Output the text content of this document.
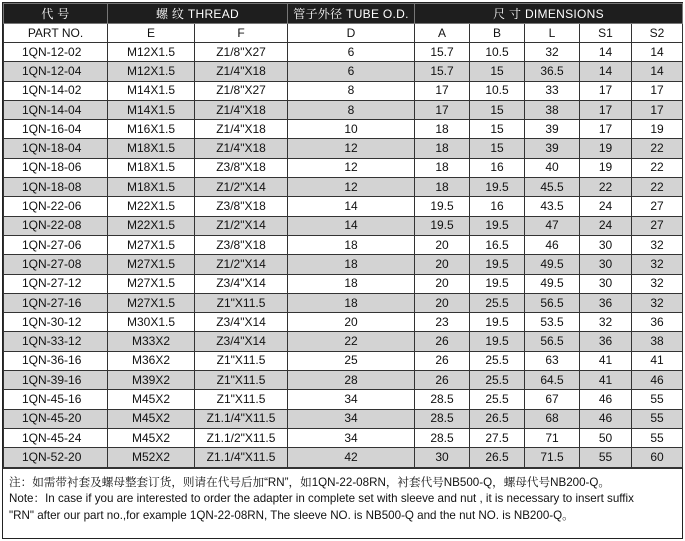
代 号	螺 纹 THREAD		管子外径 TUBE O.D.	尺 寸 DIMENSIONS				
PART NO.	E	F	D	A	B	L	S1	S2
1QN-12-02	M12X1.5	Z1/8"X27	6	15.7	10.5	32	14	14
1QN-12-04	M12X1.5	Z1/4"X18	6	15.7	15	36.5	14	14
1QN-14-02	M14X1.5	Z1/8"X27	8	17	10.5	33	17	17
1QN-14-04	M14X1.5	Z1/4"X18	8	17	15	38	17	17
1QN-16-04	M16X1.5	Z1/4"X18	10	18	15	39	17	19
1QN-18-04	M18X1.5	Z1/4"X18	12	18	15	39	19	22
1QN-18-06	M18X1.5	Z3/8"X18	12	18	16	40	19	22
1QN-18-08	M18X1.5	Z1/2"X14	12	18	19.5	45.5	22	22
1QN-22-06	M22X1.5	Z3/8"X18	14	19.5	16	43.5	24	27
1QN-22-08	M22X1.5	Z1/2"X14	14	19.5	19.5	47	24	27
1QN-27-06	M27X1.5	Z3/8"X18	18	20	16.5	46	30	32
1QN-27-08	M27X1.5	Z1/2"X14	18	20	19.5	49.5	30	32
1QN-27-12	M27X1.5	Z3/4"X14	18	20	19.5	49.5	30	32
1QN-27-16	M27X1.5	Z1"X11.5	18	20	25.5	56.5	36	32
1QN-30-12	M30X1.5	Z3/4"X14	20	23	19.5	53.5	32	36
1QN-33-12	M33X2	Z3/4"X14	22	26	19.5	56.5	36	38
1QN-36-16	M36X2	Z1"X11.5	25	26	25.5	63	41	41
1QN-39-16	M39X2	Z1"X11.5	28	26	25.5	64.5	41	46
1QN-45-16	M45X2	Z1"X11.5	34	28.5	25.5	67	46	55
1QN-45-20	M45X2	Z1.1/4"X11.5	34	28.5	26.5	68	46	55
1QN-45-24	M45X2	Z1.1/2"X11.5	34	28.5	27.5	71	50	55
1QN-52-20	M52X2	Z1.1/4"X11.5	42	30	26.5	71.5	55	60
注：如需带衬套及螺母整套订货，则请在代号后加“RN”，如1QN-22-08RN，衬套代号NB500-Q，螺母代号NB200-Q。
Note：In case if you are interested to order the adapter in complete set with sleeve and nut , it is necessary to insert suffix
"RN" after our part no.,for example 1QN-22-08RN, The sleeve NO. is NB500-Q and the nut NO. is NB200-Q。
